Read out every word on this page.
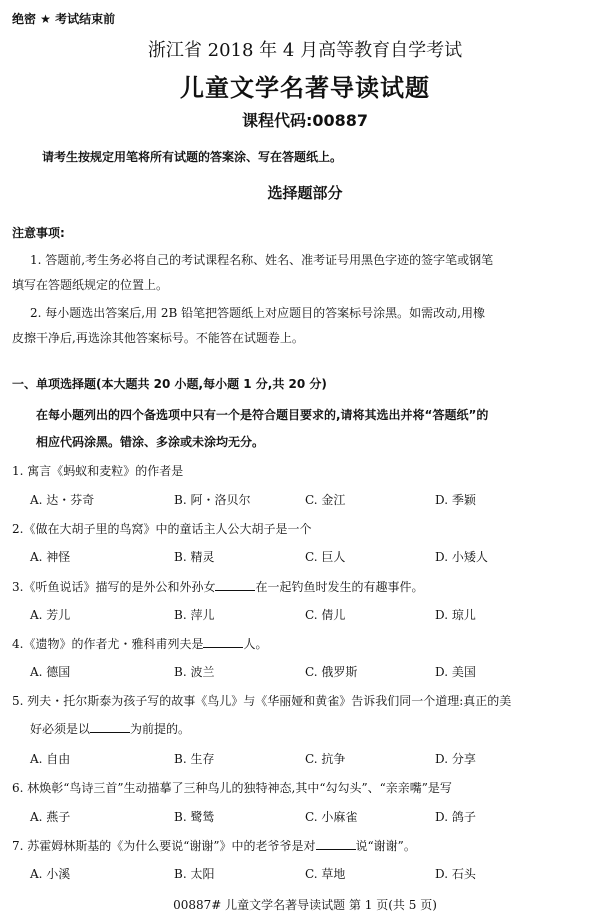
绝密 ★ 考试结束前
浙江省 2018 年 4 月高等教育自学考试
儿童文学名著导读试题
课程代码:00887
请考生按规定用笔将所有试题的答案涂、写在答题纸上。
选择题部分
注意事项:
1. 答题前,考生务必将自己的考试课程名称、姓名、准考证号用黑色字迹的签字笔或钢笔
填写在答题纸规定的位置上。
2. 每小题选出答案后,用 2B 铅笔把答题纸上对应题目的答案标号涂黑。如需改动,用橡
皮擦干净后,再选涂其他答案标号。不能答在试题卷上。
一、单项选择题(本大题共 20 小题,每小题 1 分,共 20 分)
在每小题列出的四个备选项中只有一个是符合题目要求的,请将其选出并将“答题纸”的
相应代码涂黑。错涂、多涂或未涂均无分。
1. 寓言《蚂蚁和麦粒》的作者是
A. 达・芬奇	B. 阿・洛贝尔	C. 金江	D. 季颖
2.《做在大胡子里的鸟窝》中的童话主人公大胡子是一个
A. 神怪	B. 精灵	C. 巨人	D. 小矮人
3.《听鱼说话》描写的是外公和外孙女	在一起钓鱼时发生的有趣事件。
A. 芳儿	B. 萍儿	C. 倩儿	D. 琼儿
4.《遗物》的作者尤・雅科甫列夫是	人。
A. 德国	B. 波兰	C. 俄罗斯	D. 美国
5. 列夫・托尔斯泰为孩子写的故事《鸟儿》与《华丽娅和黄雀》告诉我们同一个道理:真正的美
好必须是以	为前提的。
A. 自由	B. 生存	C. 抗争	D. 分享
6. 林焕彰“鸟诗三首”生动描摹了三种鸟儿的独特神态,其中“勾勾头”、“亲亲嘴”是写
A. 燕子	B. 鹭鸶	C. 小麻雀	D. 鸽子
7. 苏霍姆林斯基的《为什么要说“谢谢”》中的老爷爷是对	说“谢谢”。
A. 小溪	B. 太阳	C. 草地	D. 石头
00887# 儿童文学名著导读试题 第 1 页(共 5 页)
